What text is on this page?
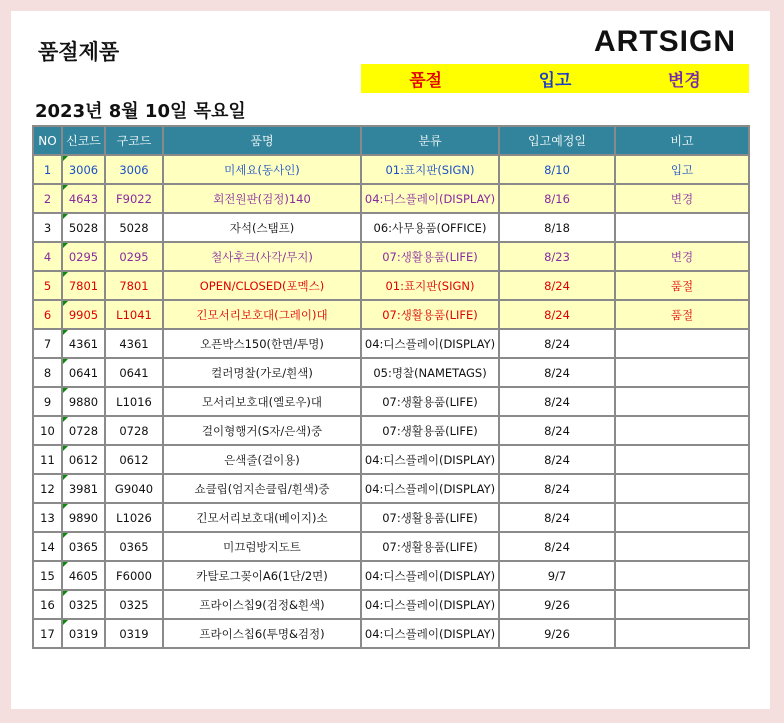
품절제품	ARTSIGN
품절	입고	변경
2023년 8월 10일 목요일
NO	신코드	구코드	품명	분류	입고예정일	비고
1	3006	3006	미세요(동사인)	01:표지판(SIGN)	8/10	입고
2	4643	F9022	회전원판(검정)140	04:디스플레이(DISPLAY)	8/16	변경
3	5028	5028	자석(스탬프)	06:사무용품(OFFICE)	8/18	
4	0295	0295	철사후크(사각/무지)	07:생활용품(LIFE)	8/23	변경
5	7801	7801	OPEN/CLOSED(포멕스)	01:표지판(SIGN)	8/24	품절
6	9905	L1041	긴모서리보호대(그레이)대	07:생활용품(LIFE)	8/24	품절
7	4361	4361	오픈박스150(한면/투명)	04:디스플레이(DISPLAY)	8/24	
8	0641	0641	컬러명찰(가로/흰색)	05:명찰(NAMETAGS)	8/24	
9	9880	L1016	모서리보호대(옐로우)대	07:생활용품(LIFE)	8/24	
10	0728	0728	걸이형행거(S자/은색)중	07:생활용품(LIFE)	8/24	
11	0612	0612	은색줄(걸이용)	04:디스플레이(DISPLAY)	8/24	
12	3981	G9040	쇼클립(엄지손클립/흰색)중	04:디스플레이(DISPLAY)	8/24	
13	9890	L1026	긴모서리보호대(베이지)소	07:생활용품(LIFE)	8/24	
14	0365	0365	미끄럼방지도트	07:생활용품(LIFE)	8/24	
15	4605	F6000	카탈로그꽂이A6(1단/2면)	04:디스플레이(DISPLAY)	9/7	
16	0325	0325	프라이스칩9(검정&흰색)	04:디스플레이(DISPLAY)	9/26	
17	0319	0319	프라이스칩6(투명&검정)	04:디스플레이(DISPLAY)	9/26	
